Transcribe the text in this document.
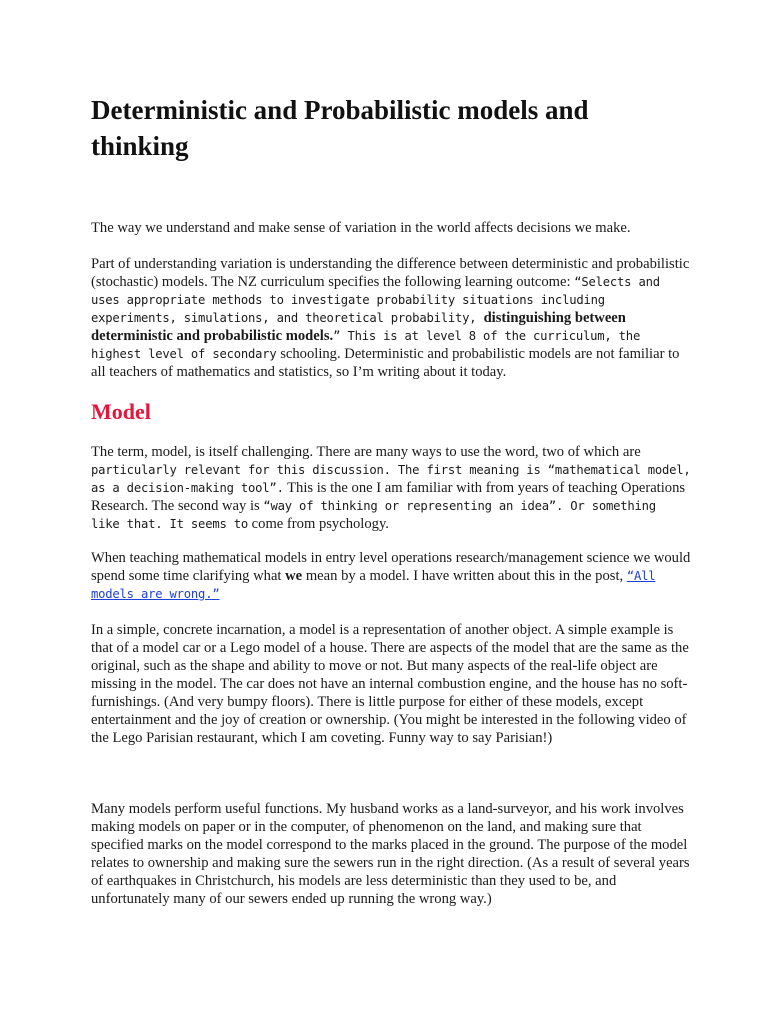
Deterministic and Probabilistic models and thinking

The way we understand and make sense of variation in the world affects decisions we make.

Part of understanding variation is understanding the difference between deterministic and probabilistic (stochastic) models. The NZ curriculum specifies the following learning outcome: “Selects and uses appropriate methods to investigate probability situations including experiments, simulations, and theoretical probability, distinguishing between deterministic and probabilistic models.” This is at level 8 of the curriculum, the highest level of secondary schooling. Deterministic and probabilistic models are not familiar to all teachers of mathematics and statistics, so I’m writing about it today.

Model

The term, model, is itself challenging. There are many ways to use the word, two of which are particularly relevant for this discussion. The first meaning is “mathematical model, as a decision-making tool”. This is the one I am familiar with from years of teaching Operations Research. The second way is “way of thinking or representing an idea”. Or something like that. It seems to come from psychology.

When teaching mathematical models in entry level operations research/management science we would spend some time clarifying what we mean by a model. I have written about this in the post, “All models are wrong.”

In a simple, concrete incarnation, a model is a representation of another object. A simple example is that of a model car or a Lego model of a house. There are aspects of the model that are the same as the original, such as the shape and ability to move or not. But many aspects of the real-life object are missing in the model. The car does not have an internal combustion engine, and the house has no soft-furnishings. (And very bumpy floors). There is little purpose for either of these models, except entertainment and the joy of creation or ownership. (You might be interested in the following video of the Lego Parisian restaurant, which I am coveting. Funny way to say Parisian!)

Many models perform useful functions. My husband works as a land-surveyor, and his work involves making models on paper or in the computer, of phenomenon on the land, and making sure that specified marks on the model correspond to the marks placed in the ground. The purpose of the model relates to ownership and making sure the sewers run in the right direction. (As a result of several years of earthquakes in Christchurch, his models are less deterministic than they used to be, and unfortunately many of our sewers ended up running the wrong way.)
